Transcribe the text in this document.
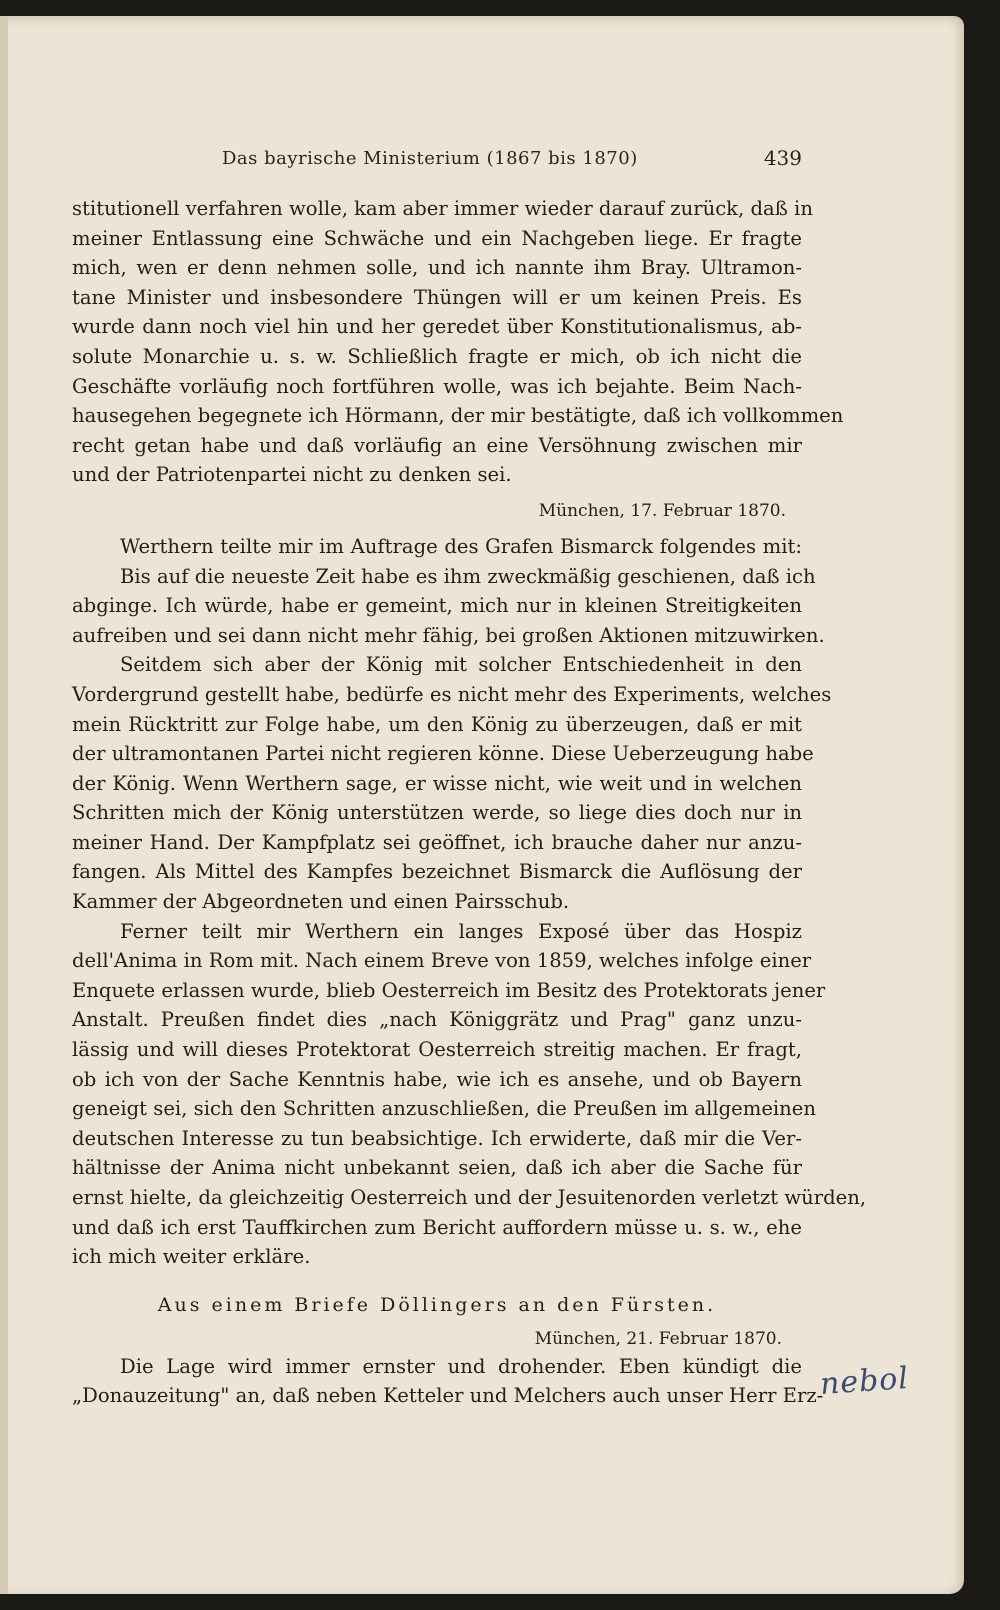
Das bayrische Ministerium (1867 bis 1870)	439
stitutionell verfahren wolle, kam aber immer wieder darauf zurück, daß in
meiner Entlassung eine Schwäche und ein Nachgeben liege. Er fragte
mich, wen er denn nehmen solle, und ich nannte ihm Bray. Ultramon-
tane Minister und insbesondere Thüngen will er um keinen Preis. Es
wurde dann noch viel hin und her geredet über Konstitutionalismus, ab-
solute Monarchie u. s. w. Schließlich fragte er mich, ob ich nicht die
Geschäfte vorläufig noch fortführen wolle, was ich bejahte. Beim Nach-
hausegehen begegnete ich Hörmann, der mir bestätigte, daß ich vollkommen
recht getan habe und daß vorläufig an eine Versöhnung zwischen mir
und der Patriotenpartei nicht zu denken sei.
München, 17. Februar 1870.
Werthern teilte mir im Auftrage des Grafen Bismarck folgendes mit:
Bis auf die neueste Zeit habe es ihm zweckmäßig geschienen, daß ich
abginge. Ich würde, habe er gemeint, mich nur in kleinen Streitigkeiten
aufreiben und sei dann nicht mehr fähig, bei großen Aktionen mitzuwirken.
Seitdem sich aber der König mit solcher Entschiedenheit in den
Vordergrund gestellt habe, bedürfe es nicht mehr des Experiments, welches
mein Rücktritt zur Folge habe, um den König zu überzeugen, daß er mit
der ultramontanen Partei nicht regieren könne. Diese Ueberzeugung habe
der König. Wenn Werthern sage, er wisse nicht, wie weit und in welchen
Schritten mich der König unterstützen werde, so liege dies doch nur in
meiner Hand. Der Kampfplatz sei geöffnet, ich brauche daher nur anzu-
fangen. Als Mittel des Kampfes bezeichnet Bismarck die Auflösung der
Kammer der Abgeordneten und einen Pairsschub.
Ferner teilt mir Werthern ein langes Exposé über das Hospiz
dell'Anima in Rom mit. Nach einem Breve von 1859, welches infolge einer
Enquete erlassen wurde, blieb Oesterreich im Besitz des Protektorats jener
Anstalt. Preußen findet dies „nach Königgrätz und Prag" ganz unzu-
lässig und will dieses Protektorat Oesterreich streitig machen. Er fragt,
ob ich von der Sache Kenntnis habe, wie ich es ansehe, und ob Bayern
geneigt sei, sich den Schritten anzuschließen, die Preußen im allgemeinen
deutschen Interesse zu tun beabsichtige. Ich erwiderte, daß mir die Ver-
hältnisse der Anima nicht unbekannt seien, daß ich aber die Sache für
ernst hielte, da gleichzeitig Oesterreich und der Jesuitenorden verletzt würden,
und daß ich erst Tauffkirchen zum Bericht auffordern müsse u. s. w., ehe
ich mich weiter erkläre.
Aus einem Briefe Döllingers an den Fürsten.
München, 21. Februar 1870.
Die Lage wird immer ernster und drohender. Eben kündigt die
„Donauzeitung" an, daß neben Ketteler und Melchers auch unser Herr Erz-
nebol
